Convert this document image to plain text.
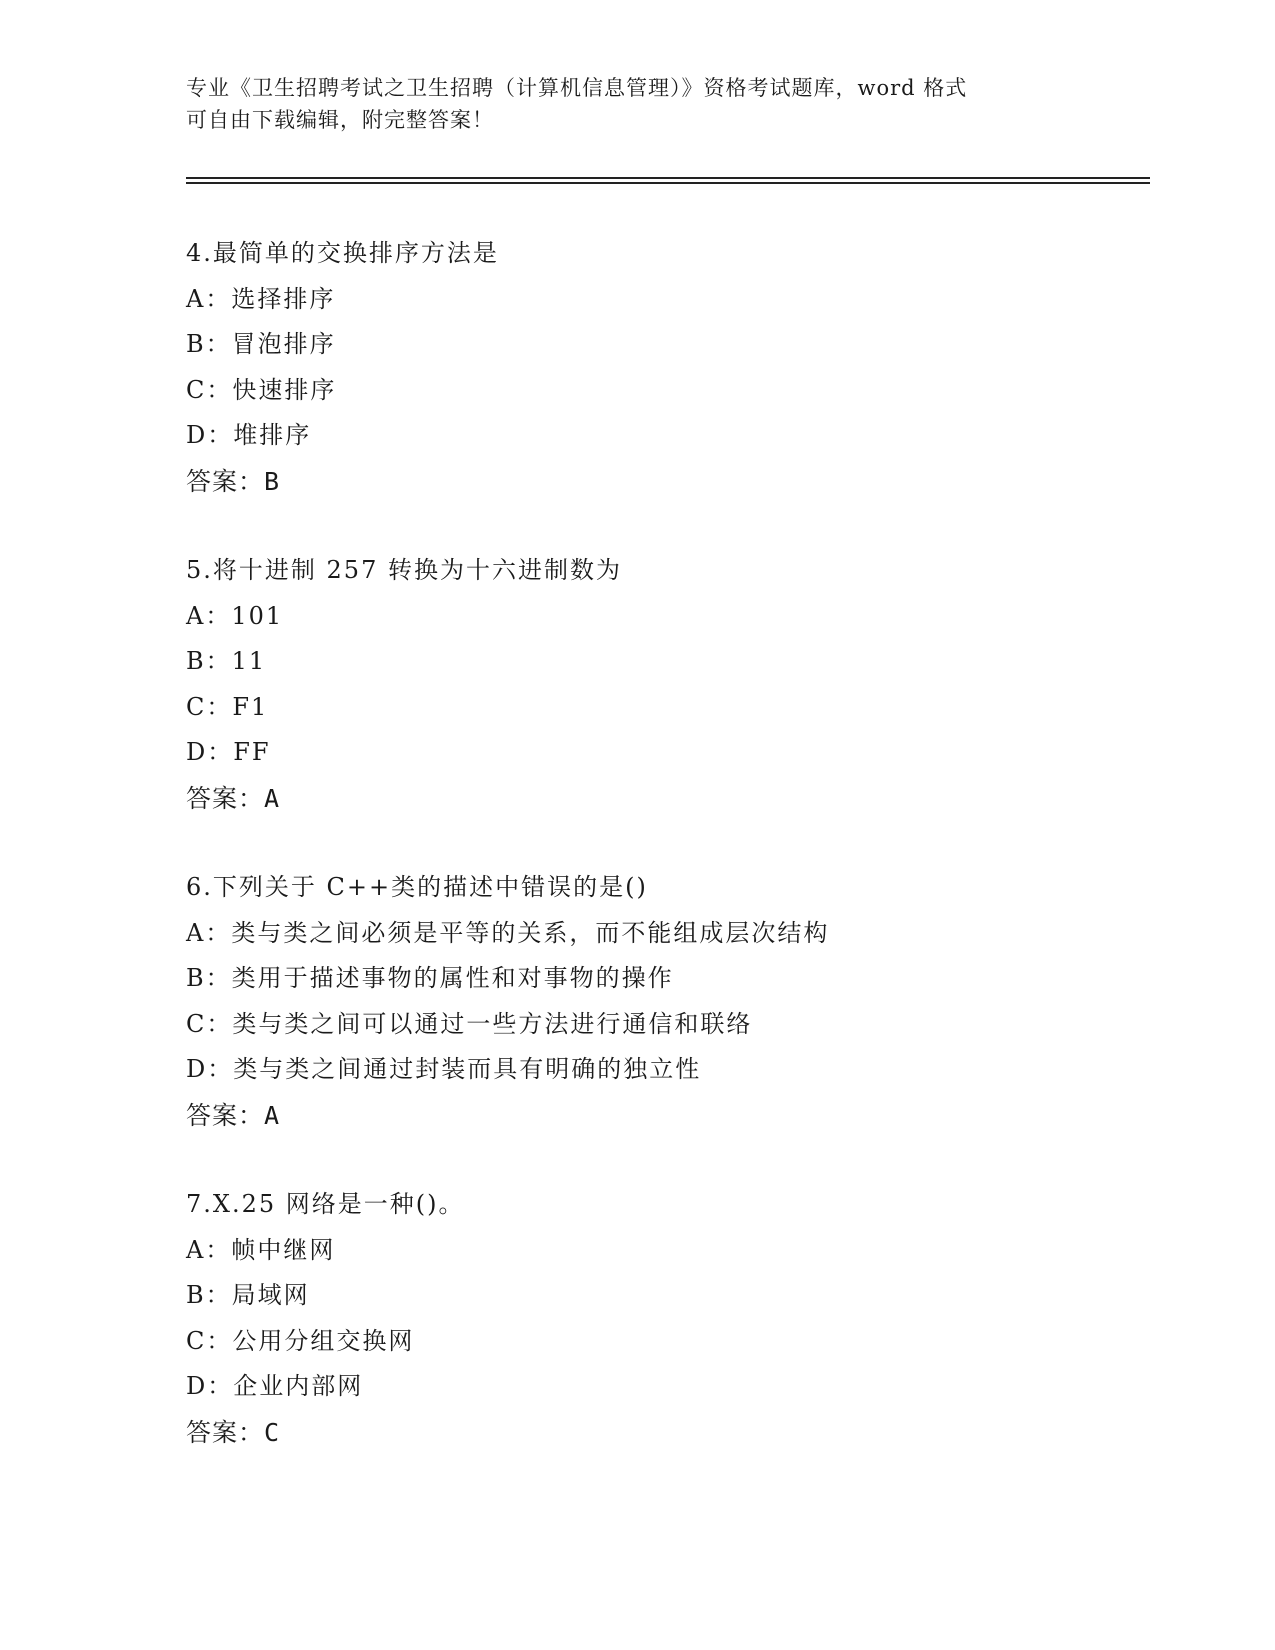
专业《卫生招聘考试之卫生招聘（计算机信息管理）》资格考试题库，word 格式
可自由下载编辑，附完整答案！
4.最简单的交换排序方法是
A：选择排序
B：冒泡排序
C：快速排序
D：堆排序
答案：B
5.将十进制 257 转换为十六进制数为
A：101
B：11
C：F1
D：FF
答案：A
6.下列关于 C++类的描述中错误的是()
A：类与类之间必须是平等的关系，而不能组成层次结构
B：类用于描述事物的属性和对事物的操作
C：类与类之间可以通过一些方法进行通信和联络
D：类与类之间通过封装而具有明确的独立性
答案：A
7.X.25 网络是一种()。
A：帧中继网
B：局域网
C：公用分组交换网
D：企业内部网
答案：C
